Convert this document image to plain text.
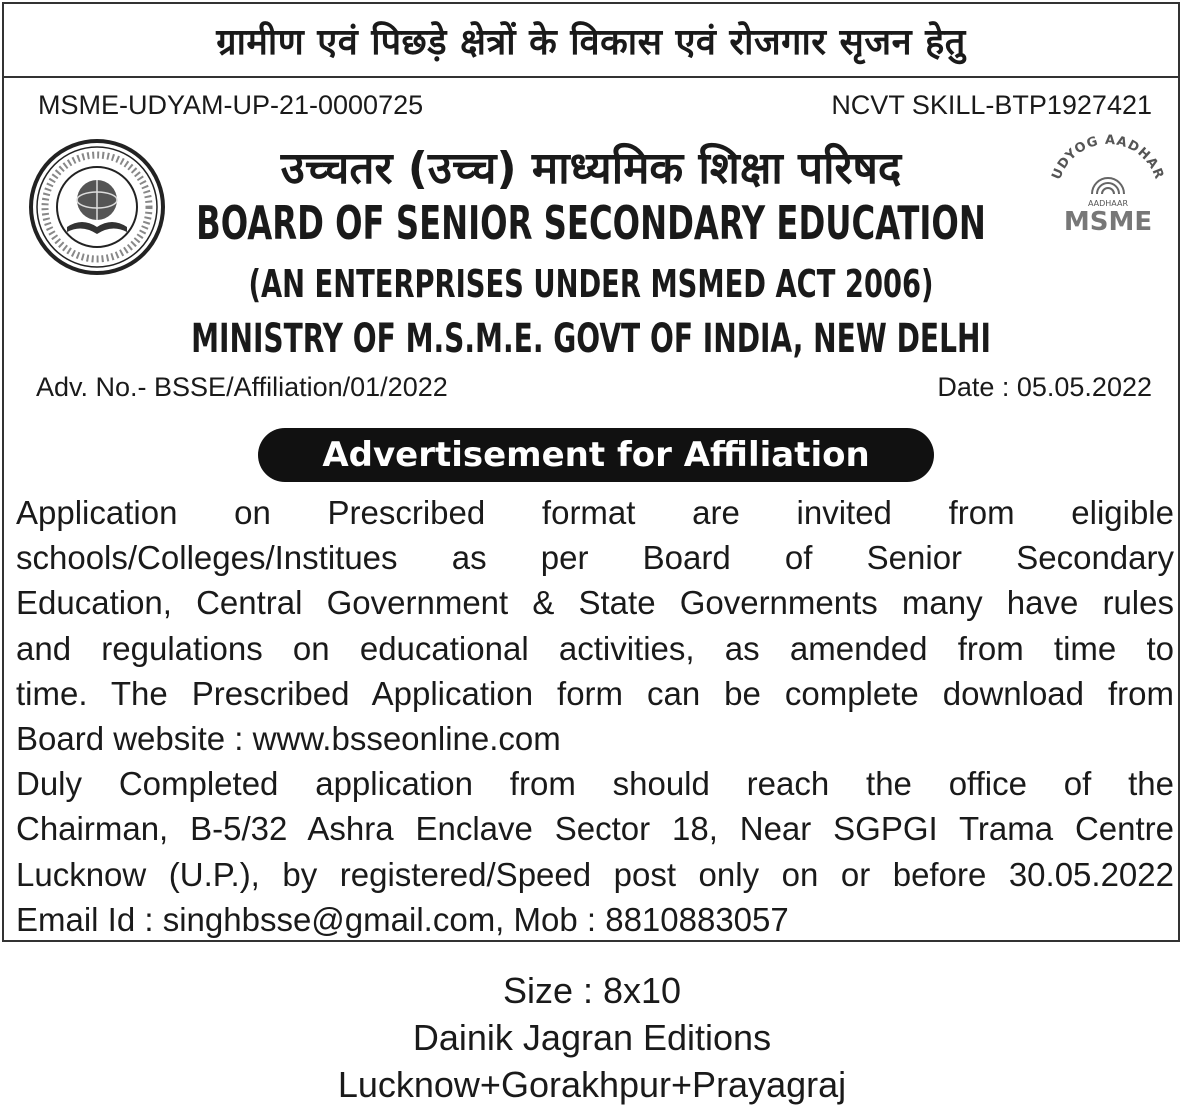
ग्रामीण एवं पिछड़े क्षेत्रों के विकास एवं रोजगार सृजन हेतु
MSME-UDYAM-UP-21-0000725	NCVT SKILL-BTP1927421
उच्चतर (उच्च) माध्यमिक शिक्षा परिषद
BOARD OF SENIOR SECONDARY EDUCATION
(AN ENTERPRISES UNDER MSMED ACT 2006)
MINISTRY OF M.S.M.E. GOVT OF INDIA, NEW DELHI
UDYOG AADHAR
AADHAAR
MSME
Adv. No.- BSSE/Affiliation/01/2022	Date : 05.05.2022
Advertisement for Affiliation
Application on Prescribed format are invited from eligible
schools/Colleges/Institues as per Board of Senior Secondary
Education, Central Government & State Governments many have rules
and regulations on educational activities, as amended from time to
time. The Prescribed Application form can be complete download from
Board website : www.bsseonline.com
Duly Completed application from should reach the office of the
Chairman, B-5/32 Ashra Enclave Sector 18, Near SGPGI Trama Centre
Lucknow (U.P.), by registered/Speed post only on or before 30.05.2022
Email Id : singhbsse@gmail.com, Mob : 8810883057
Size : 8x10
Dainik Jagran Editions
Lucknow+Gorakhpur+Prayagraj
